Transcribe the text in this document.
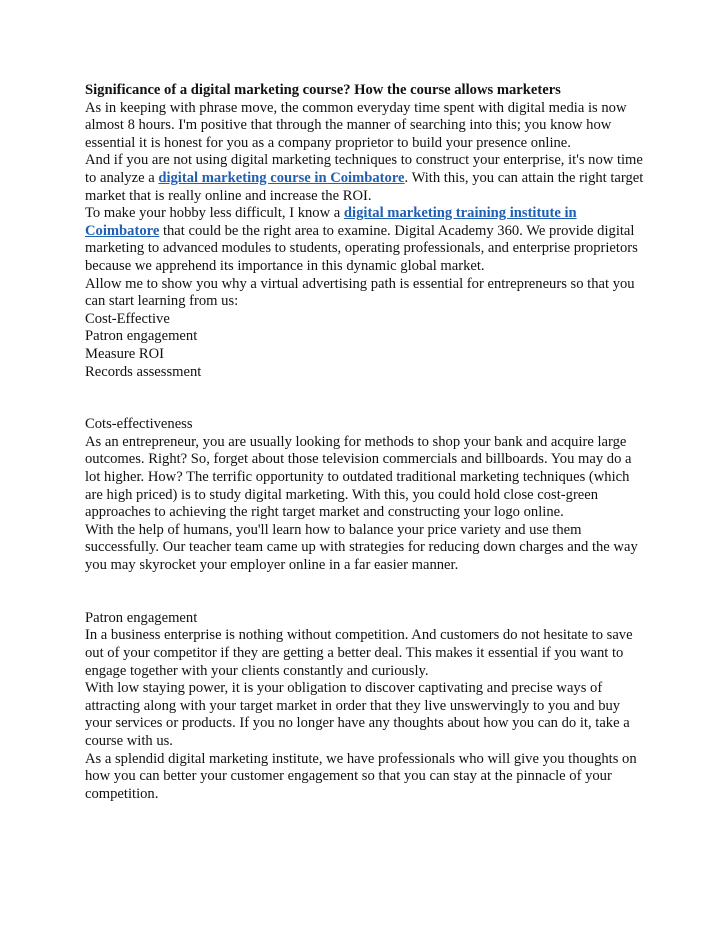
Significance of a digital marketing course? How the course allows marketers

As in keeping with phrase move, the common everyday time spent with digital media is now almost 8 hours. I'm positive that through the manner of searching into this; you know how essential it is honest for you as a company proprietor to build your presence online.

And if you are not using digital marketing techniques to construct your enterprise, it's now time to analyze a digital marketing course in Coimbatore. With this, you can attain the right target market that is really online and increase the ROI.

To make your hobby less difficult, I know a digital marketing training institute in Coimbatore that could be the right area to examine. Digital Academy 360. We provide digital marketing to advanced modules to students, operating professionals, and enterprise proprietors because we apprehend its importance in this dynamic global market.

Allow me to show you why a virtual advertising path is essential for entrepreneurs so that you can start learning from us:

Cost-Effective

Patron engagement

Measure ROI

Records assessment

Cots-effectiveness

As an entrepreneur, you are usually looking for methods to shop your bank and acquire large outcomes. Right? So, forget about those television commercials and billboards. You may do a lot higher. How? The terrific opportunity to outdated traditional marketing techniques (which are high priced) is to study digital marketing. With this, you could hold close cost-green approaches to achieving the right target market and constructing your logo online.

With the help of humans, you'll learn how to balance your price variety and use them successfully. Our teacher team came up with strategies for reducing down charges and the way you may skyrocket your employer online in a far easier manner.

Patron engagement

In a business enterprise is nothing without competition. And customers do not hesitate to save out of your competitor if they are getting a better deal. This makes it essential if you want to engage together with your clients constantly and curiously.

With low staying power, it is your obligation to discover captivating and precise ways of attracting along with your target market in order that they live unswervingly to you and buy your services or products. If you no longer have any thoughts about how you can do it, take a course with us.

As a splendid digital marketing institute, we have professionals who will give you thoughts on how you can better your customer engagement so that you can stay at the pinnacle of your competition.
